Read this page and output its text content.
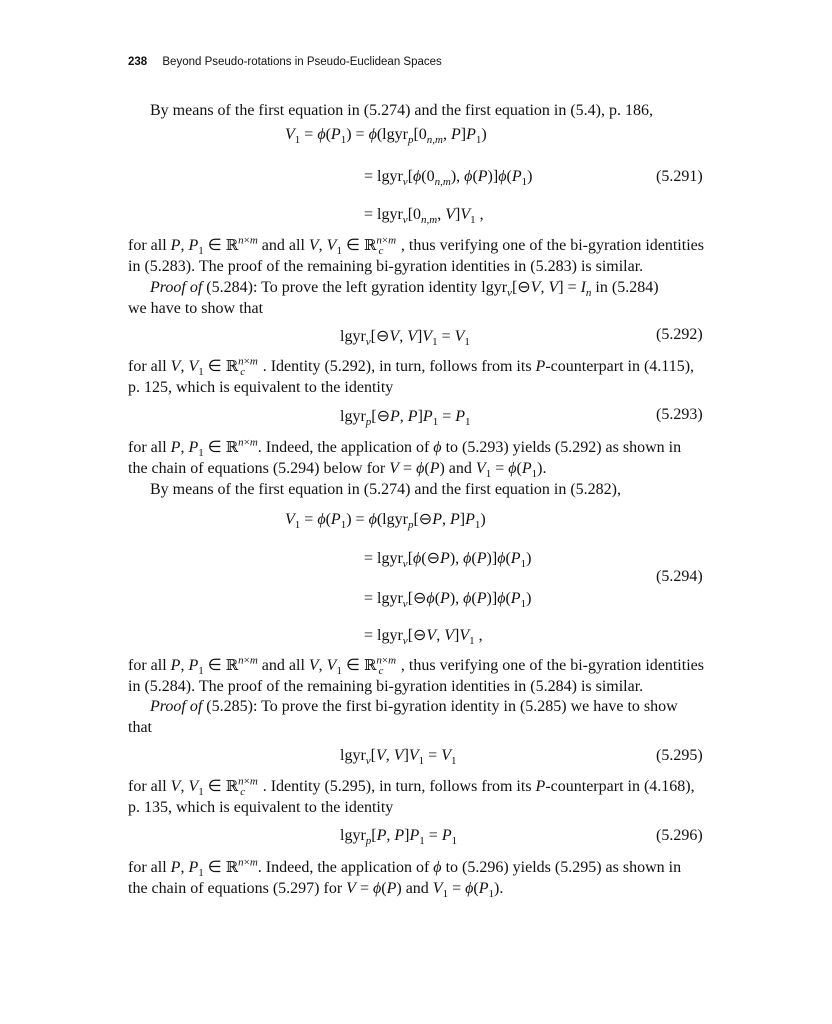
238 Beyond Pseudo-rotations in Pseudo-Euclidean Spaces
By means of the first equation in (5.274) and the first equation in (5.4), p. 186,
$V_1 = \phi(P_1)$ = $\phi(lgyr_p[0_{n,m}$, $P]P_1$)
= $lgyr_v[\phi(0_{n,m})$, $\phi(P)]\phi(P_1)$	(5.291)
= $lgyr_v[0_{n,m}$, $V]V_1$ ,
for all P, $P_1$ ∈ ℝ$^{n\times m}$ and all V, $V_1$ ∈ ℝ$^{n\times m}_c$ , thus verifying one of the bi-gyration identities
in (5.283). The proof of the remaining bi-gyration identities in (5.283) is similar.
Proof of (5.284): To prove the left gyration identity lgyr$_v$[⊖V, $V] = I_n$ in (5.284)
we have to show that
lgyr$_v$[⊖V, $V]V_1 = V_1$	(5.292)
for all V, $V_1$ ∈ ℝ$^{n\times m}_c$ . Identity (5.292), in turn, follows from its P-counterpart in (4.115),
p. 125, which is equivalent to the identity
lgyr$_p$[⊖P, $P]P_1 = P_1$	(5.293)
for all P, $P_1$ ∈ ℝ$^{n\times m}$. Indeed, the application of ϕ to (5.293) yields (5.292) as shown in
the chain of equations (5.294) below for V = ϕ(P) and $V_1 = \phi(P_1)$.
By means of the first equation in (5.274) and the first equation in (5.282),
$V_1 = \phi(P_1)$ = ϕ(lgyr$_p$[⊖P, $P]P_1$)
= lgyr$_v$[ϕ(⊖P), $\phi(P)]\phi(P_1)$
(5.294)
= lgyr$_v$[⊖ϕ(P), $\phi(P)]\phi(P_1)$
= lgyr$_v$[⊖V, $V]V_1$ ,
for all P, $P_1$ ∈ ℝ$^{n\times m}$ and all V, $V_1$ ∈ ℝ$^{n\times m}_c$ , thus verifying one of the bi-gyration identities
in (5.284). The proof of the remaining bi-gyration identities in (5.284) is similar.
Proof of (5.285): To prove the first bi-gyration identity in (5.285) we have to show
that
lgyr$_v$[V, $V]V_1 = V_1$	(5.295)
for all V, $V_1$ ∈ ℝ$^{n\times m}_c$ . Identity (5.295), in turn, follows from its P-counterpart in (4.168),
p. 135, which is equivalent to the identity
lgyr$_p$[P, $P]P_1 = P_1$	(5.296)
for all P, $P_1$ ∈ ℝ$^{n\times m}$. Indeed, the application of ϕ to (5.296) yields (5.295) as shown in
the chain of equations (5.297) for V = ϕ(P) and $V_1 = \phi(P_1)$.
